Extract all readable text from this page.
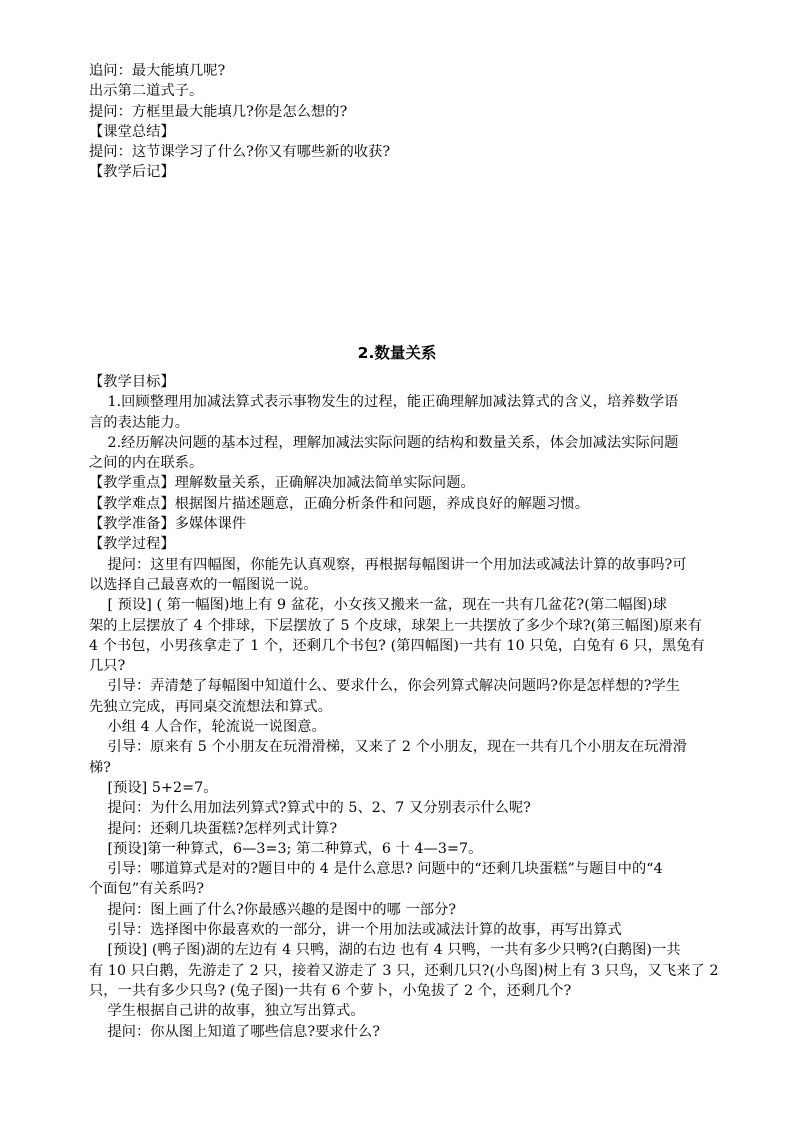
追问：最大能填几呢?

出示第二道式子。

提问：方框里最大能填几?你是怎么想的?

【课堂总结】

提问：这节课学习了什么?你又有哪些新的收获?

【教学后记】

2.数量关系

【教学目标】

1.回顾整理用加减法算式表示事物发生的过程，能正确理解加减法算式的含义，培养数学语

言的表达能力。

2.经历解决问题的基本过程，理解加减法实际问题的结构和数量关系，体会加减法实际问题

之间的内在联系。

【教学重点】理解数量关系，正确解决加减法简单实际问题。

【教学难点】根据图片描述题意，正确分析条件和问题，养成良好的解题习惯。

【教学准备】多媒体课件

【教学过程】

提问：这里有四幅图，你能先认真观察，再根据每幅图讲一个用加法或减法计算的故事吗?可

以选择自己最喜欢的一幅图说一说。

[ 预设] ( 第一幅图)地上有 9 盆花，小女孩又搬来一盆，现在一共有几盆花?(第二幅图)球

架的上层摆放了 4 个排球，下层摆放了 5 个皮球，球架上一共摆放了多少个球?(第三幅图)原来有

4 个书包，小男孩拿走了 1 个，还剩几个书包? (第四幅图)一共有 10 只兔，白兔有 6 只，黑兔有

几只?

引导：弄清楚了每幅图中知道什么、要求什么，你会列算式解决问题吗?你是怎样想的?学生

先独立完成，再同桌交流想法和算式。

小组 4 人合作，轮流说一说图意。

引导：原来有 5 个小朋友在玩滑滑梯，又来了 2 个小朋友，现在一共有几个小朋友在玩滑滑

梯?

[预设] 5+2=7。

提问：为什么用加法列算式?算式中的 5、2、7 又分别表示什么呢?

提问：还剩几块蛋糕?怎样列式计算?

[预设]第一种算式，6—3=3; 第二种算式，6 十 4—3=7。

引导：哪道算式是对的?题目中的 4 是什么意思? 问题中的“还剩几块蛋糕”与题目中的“4

个面包”有关系吗?

提问：图上画了什么?你最感兴趣的是图中的哪 一部分?

引导：选择图中你最喜欢的一部分，讲一个用加法或减法计算的故事，再写出算式

[预设] (鸭子图)湖的左边有 4 只鸭，湖的右边 也有 4 只鸭，一共有多少只鸭?(白鹅图)一共

有 10 只白鹅，先游走了 2 只，接着又游走了 3 只，还剩几只?(小鸟图)树上有 3 只鸟，又飞来了 2

只，一共有多少只鸟? (兔子图)一共有 6 个萝卜，小兔拔了 2 个，还剩几个?

学生根据自己讲的故事，独立写出算式。

提问：你从图上知道了哪些信息?要求什么?
